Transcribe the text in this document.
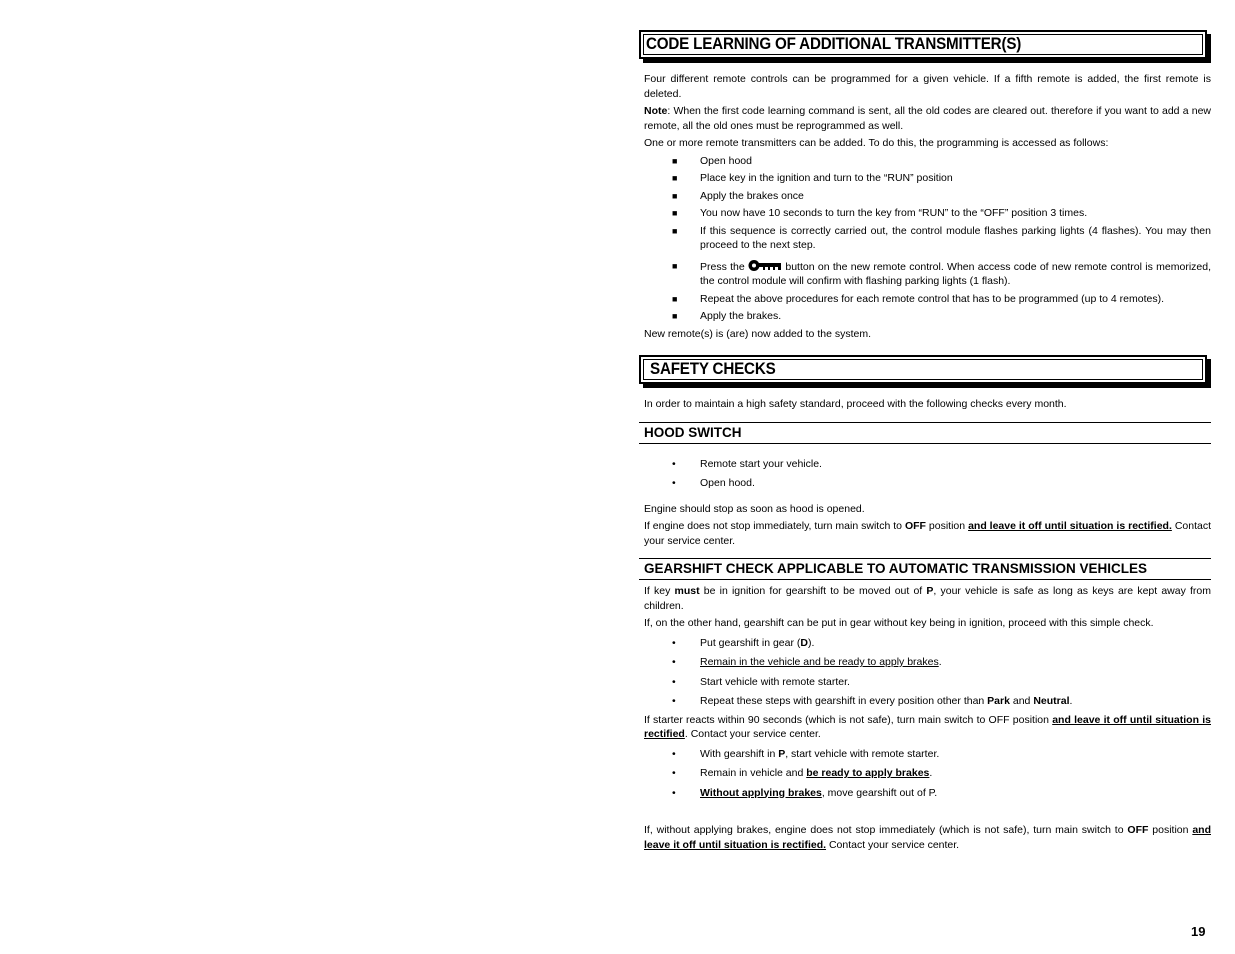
CODE LEARNING OF ADDITIONAL TRANSMITTER(S)

Four different remote controls can be programmed for a given vehicle. If a fifth remote is added, the first remote is deleted.

Note: When the first code learning command is sent, all the old codes are cleared out. therefore if you want to add a new remote, all the old ones must be reprogrammed as well.

One or more remote transmitters can be added. To do this, the programming is accessed as follows:

■ Open hood
■ Place key in the ignition and turn to the “RUN” position
■ Apply the brakes once
■ You now have 10 seconds to turn the key from “RUN” to the “OFF” position 3 times.
■ If this sequence is correctly carried out, the control module flashes parking lights (4 flashes). You may then proceed to the next step.
■ Press the	button on the new remote control. When access code of new remote control is memorized, the control module will confirm with flashing parking lights (1 flash).
■ Repeat the above procedures for each remote control that has to be programmed (up to 4 remotes).
■ Apply the brakes.

New remote(s) is (are) now added to the system.

SAFETY CHECKS

In order to maintain a high safety standard, proceed with the following checks every month.

HOOD SWITCH
• Remote start your vehicle.
• Open hood.

Engine should stop as soon as hood is opened.

If engine does not stop immediately, turn main switch to OFF position and leave it off until situation is rectified. Contact your service center.

GEARSHIFT CHECK APPLICABLE TO AUTOMATIC TRANSMISSION VEHICLES

If key must be in ignition for gearshift to be moved out of P, your vehicle is safe as long as keys are kept away from children.

If, on the other hand, gearshift can be put in gear without key being in ignition, proceed with this simple check.

• Put gearshift in gear (D).
• Remain in the vehicle and be ready to apply brakes.
• Start vehicle with remote starter.
• Repeat these steps with gearshift in every position other than Park and Neutral.

If starter reacts within 90 seconds (which is not safe), turn main switch to OFF position and leave it off until situation is rectified. Contact your service center.

• With gearshift in P, start vehicle with remote starter.
• Remain in vehicle and be ready to apply brakes.
• Without applying brakes, move gearshift out of P.

If, without applying brakes, engine does not stop immediately (which is not safe), turn main switch to OFF position and leave it off until situation is rectified. Contact your service center.

19
